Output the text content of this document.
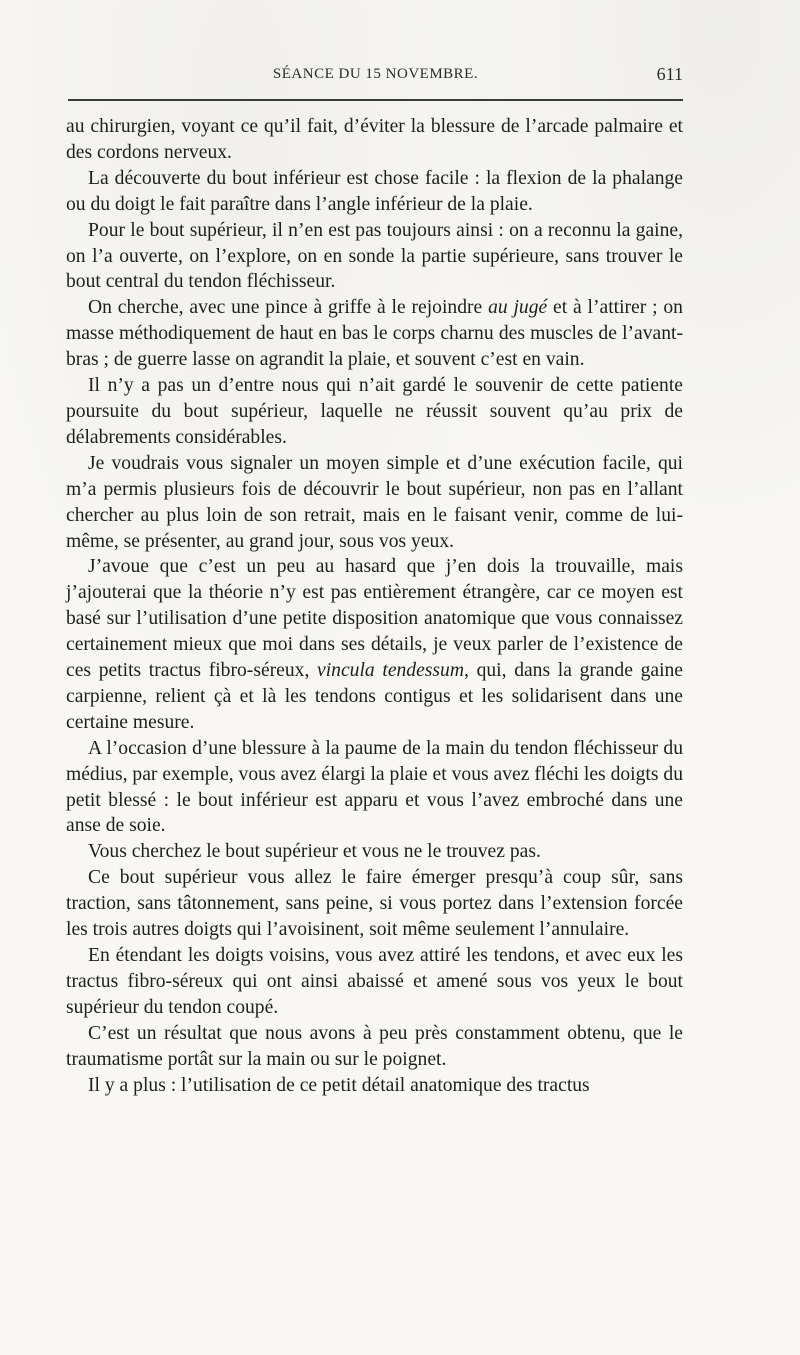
SÉANCE DU 15 NOVEMBRE.	611

au chirurgien, voyant ce qu’il fait, d’éviter la blessure de l’arcade palmaire et des cordons nerveux.

La découverte du bout inférieur est chose facile : la flexion de la phalange ou du doigt le fait paraître dans l’angle inférieur de la plaie.

Pour le bout supérieur, il n’en est pas toujours ainsi : on a reconnu la gaine, on l’a ouverte, on l’explore, on en sonde la partie supérieure, sans trouver le bout central du tendon fléchisseur.

On cherche, avec une pince à griffe à le rejoindre au jugé et à l’attirer ; on masse méthodiquement de haut en bas le corps charnu des muscles de l’avant-bras ; de guerre lasse on agrandit la plaie, et souvent c’est en vain.

Il n’y a pas un d’entre nous qui n’ait gardé le souvenir de cette patiente poursuite du bout supérieur, laquelle ne réussit souvent qu’au prix de délabrements considérables.

Je voudrais vous signaler un moyen simple et d’une exécution facile, qui m’a permis plusieurs fois de découvrir le bout supérieur, non pas en l’allant chercher au plus loin de son retrait, mais en le faisant venir, comme de lui-même, se présenter, au grand jour, sous vos yeux.

J’avoue que c’est un peu au hasard que j’en dois la trouvaille, mais j’ajouterai que la théorie n’y est pas entièrement étrangère, car ce moyen est basé sur l’utilisation d’une petite disposition anatomique que vous connaissez certainement mieux que moi dans ses détails, je veux parler de l’existence de ces petits tractus fibro-séreux, vincula tendessum, qui, dans la grande gaine carpienne, relient çà et là les tendons contigus et les solidarisent dans une certaine mesure.

A l’occasion d’une blessure à la paume de la main du tendon fléchisseur du médius, par exemple, vous avez élargi la plaie et vous avez fléchi les doigts du petit blessé : le bout inférieur est apparu et vous l’avez embroché dans une anse de soie.

Vous cherchez le bout supérieur et vous ne le trouvez pas.

Ce bout supérieur vous allez le faire émerger presqu’à coup sûr, sans traction, sans tâtonnement, sans peine, si vous portez dans l’extension forcée les trois autres doigts qui l’avoisinent, soit même seulement l’annulaire.

En étendant les doigts voisins, vous avez attiré les tendons, et avec eux les tractus fibro-séreux qui ont ainsi abaissé et amené sous vos yeux le bout supérieur du tendon coupé.

C’est un résultat que nous avons à peu près constamment obtenu, que le traumatisme portât sur la main ou sur le poignet.

Il y a plus : l’utilisation de ce petit détail anatomique des tractus
